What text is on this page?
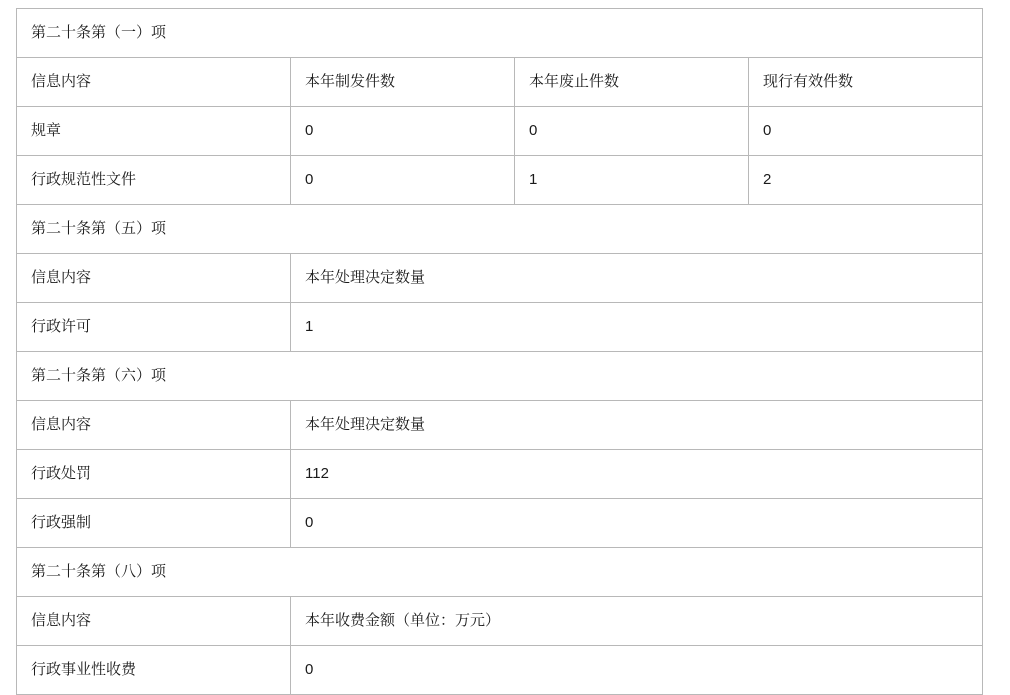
第二十条第（一）项			
信息内容	本年制发件数	本年废止件数	现行有效件数
规章	0	0	0
行政规范性文件	0	1	2
第二十条第（五）项			
信息内容	本年处理决定数量		
行政许可	1		
第二十条第（六）项			
信息内容	本年处理决定数量		
行政处罚	112		
行政强制	0		
第二十条第（八）项			
信息内容	本年收费金额（单位：万元）		
行政事业性收费	0		
